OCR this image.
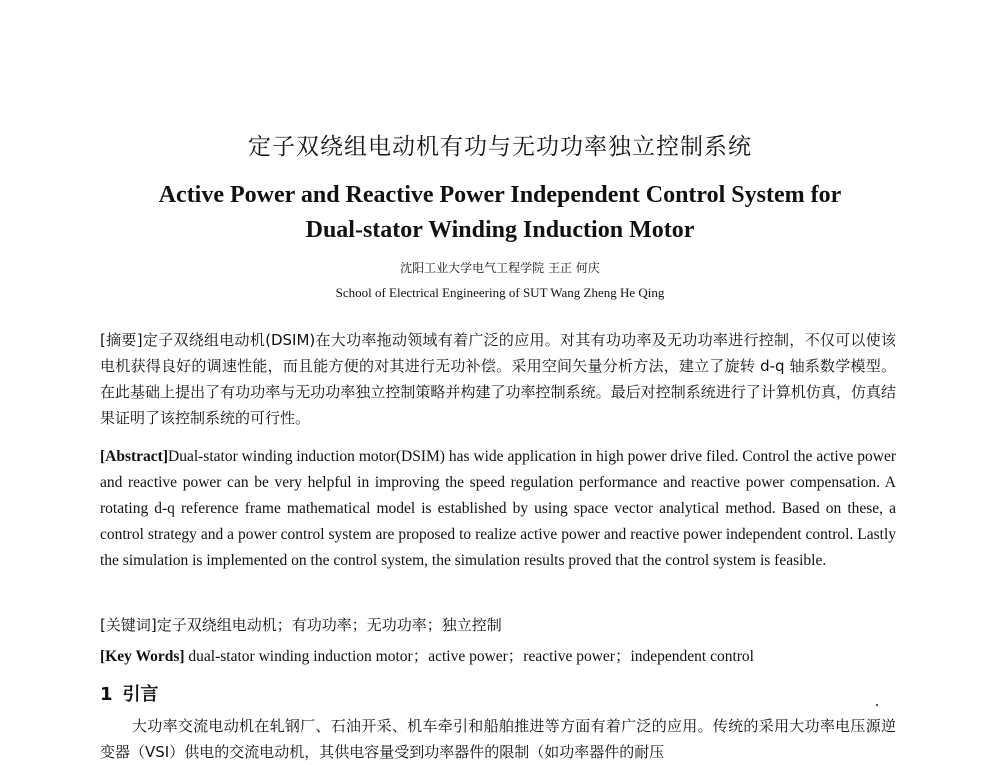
定子双绕组电动机有功与无功功率独立控制系统
Active Power and Reactive Power Independent Control System for
Dual-stator Winding Induction Motor
沈阳工业大学电气工程学院 王正 何庆
School of Electrical Engineering of SUT Wang Zheng He Qing
[摘要]定子双绕组电动机(DSIM)在大功率拖动领域有着广泛的应用。对其有功功率及无功功率进行控制，不仅可以使该电机获得良好的调速性能，而且能方便的对其进行无功补偿。采用空间矢量分析方法，建立了旋转 d-q 轴系数学模型。在此基础上提出了有功功率与无功功率独立控制策略并构建了功率控制系统。最后对控制系统进行了计算机仿真，仿真结果证明了该控制系统的可行性。
[Abstract]Dual-stator winding induction motor(DSIM) has wide application in high power drive filed. Control the active power and reactive power can be very helpful in improving the speed regulation performance and reactive power compensation. A rotating d-q reference frame mathematical model is established by using space vector analytical method. Based on these, a control strategy and a power control system are proposed to realize active power and reactive power independent control. Lastly the simulation is implemented on the control system, the simulation results proved that the control system is feasible.
[关键词]定子双绕组电动机；有功功率；无功功率；独立控制
[Key Words] dual-stator winding induction motor；active power；reactive power；independent control
1 引言
大功率交流电动机在轧钢厂、石油开采、机车牵引和船舶推进等方面有着广泛的应用。传统的采用大功率电压源逆变器（VSI）供电的交流电动机，其供电容量受到功率器件的限制（如功率器件的耐压
